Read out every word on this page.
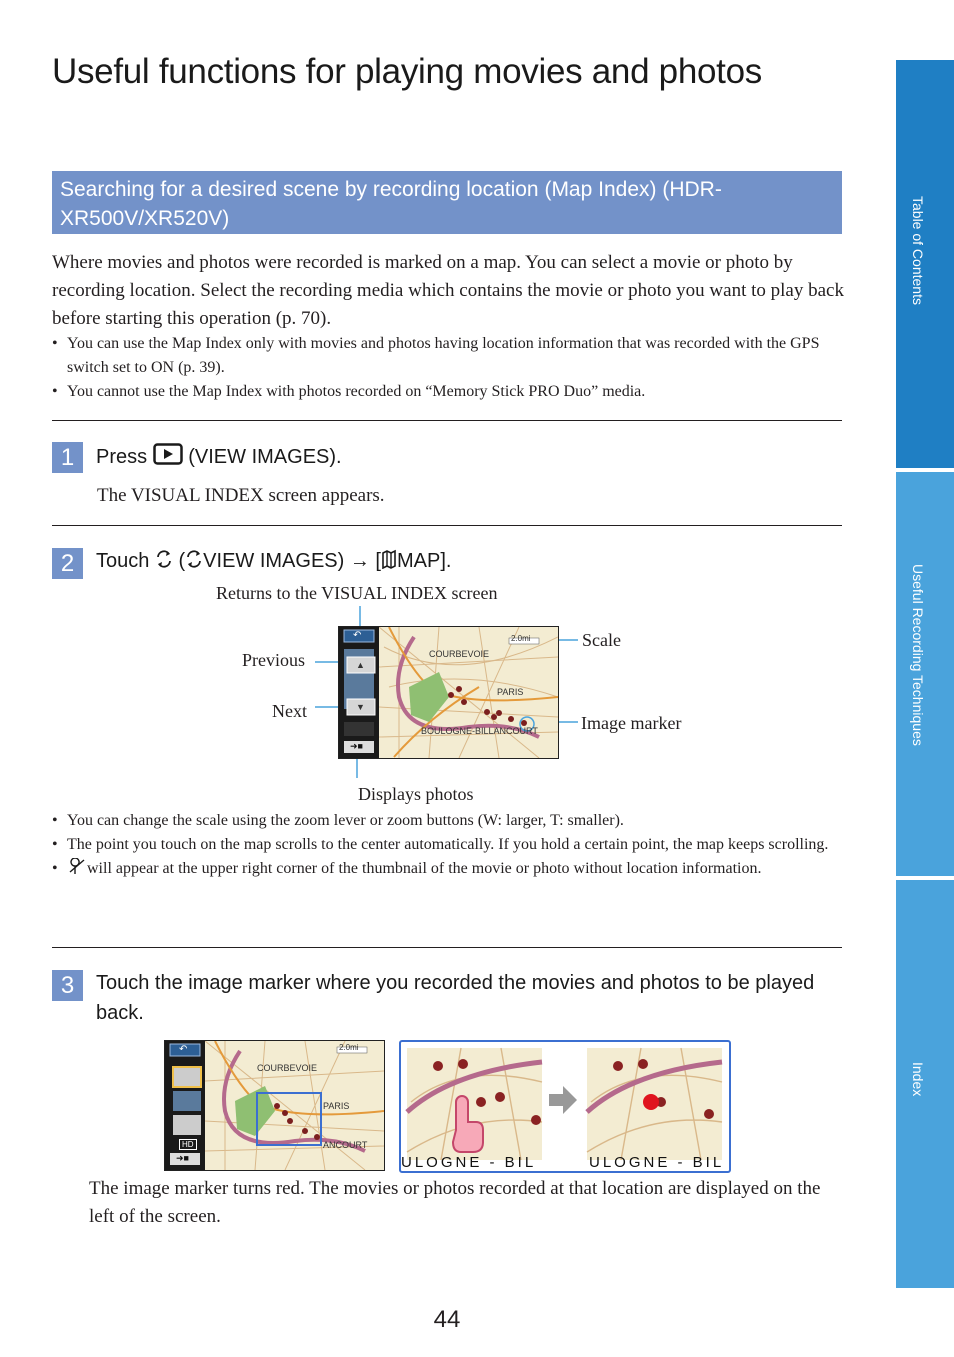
Useful functions for playing movies and photos
Searching for a desired scene by recording location (Map Index) (HDR-XR500V/XR520V)
Where movies and photos were recorded is marked on a map. You can select a movie or photo by recording location. Select the recording media which contains the movie or photo you want to play back before starting this operation (p. 70).
• You can use the Map Index only with movies and photos having location information that was recorded with the GPS switch set to ON (p. 39).
• You cannot use the Map Index with photos recorded on “Memory Stick PRO Duo” media.
1	Press (VIEW IMAGES).
The VISUAL INDEX screen appears.
2	Touch ( VIEW IMAGES) → [ MAP].
Returns to the VISUAL INDEX screen
Previous
Next
Scale
Image marker
Displays photos
COURBEVOIE
PARIS
BOULOGNE-BILLANCOURT
2.0mi
↶
▲
▼
➜■
• You can change the scale using the zoom lever or zoom buttons (W: larger, T: smaller).
• The point you touch on the map scrolls to the center automatically. If you hold a certain point, the map keeps scrolling.
• will appear at the upper right corner of the thumbnail of the movie or photo without location information.
3	Touch the image marker where you recorded the movies and photos to be played back.
COURBEVOIE
PARIS
ANCOURT
2.0mi
HD
↶
➜■	ULOGNE - BIL	ULOGNE - BIL
The image marker turns red. The movies or photos recorded at that location are displayed on the left of the screen.
Table of Contents
Useful Recording Techniques
Index
44
